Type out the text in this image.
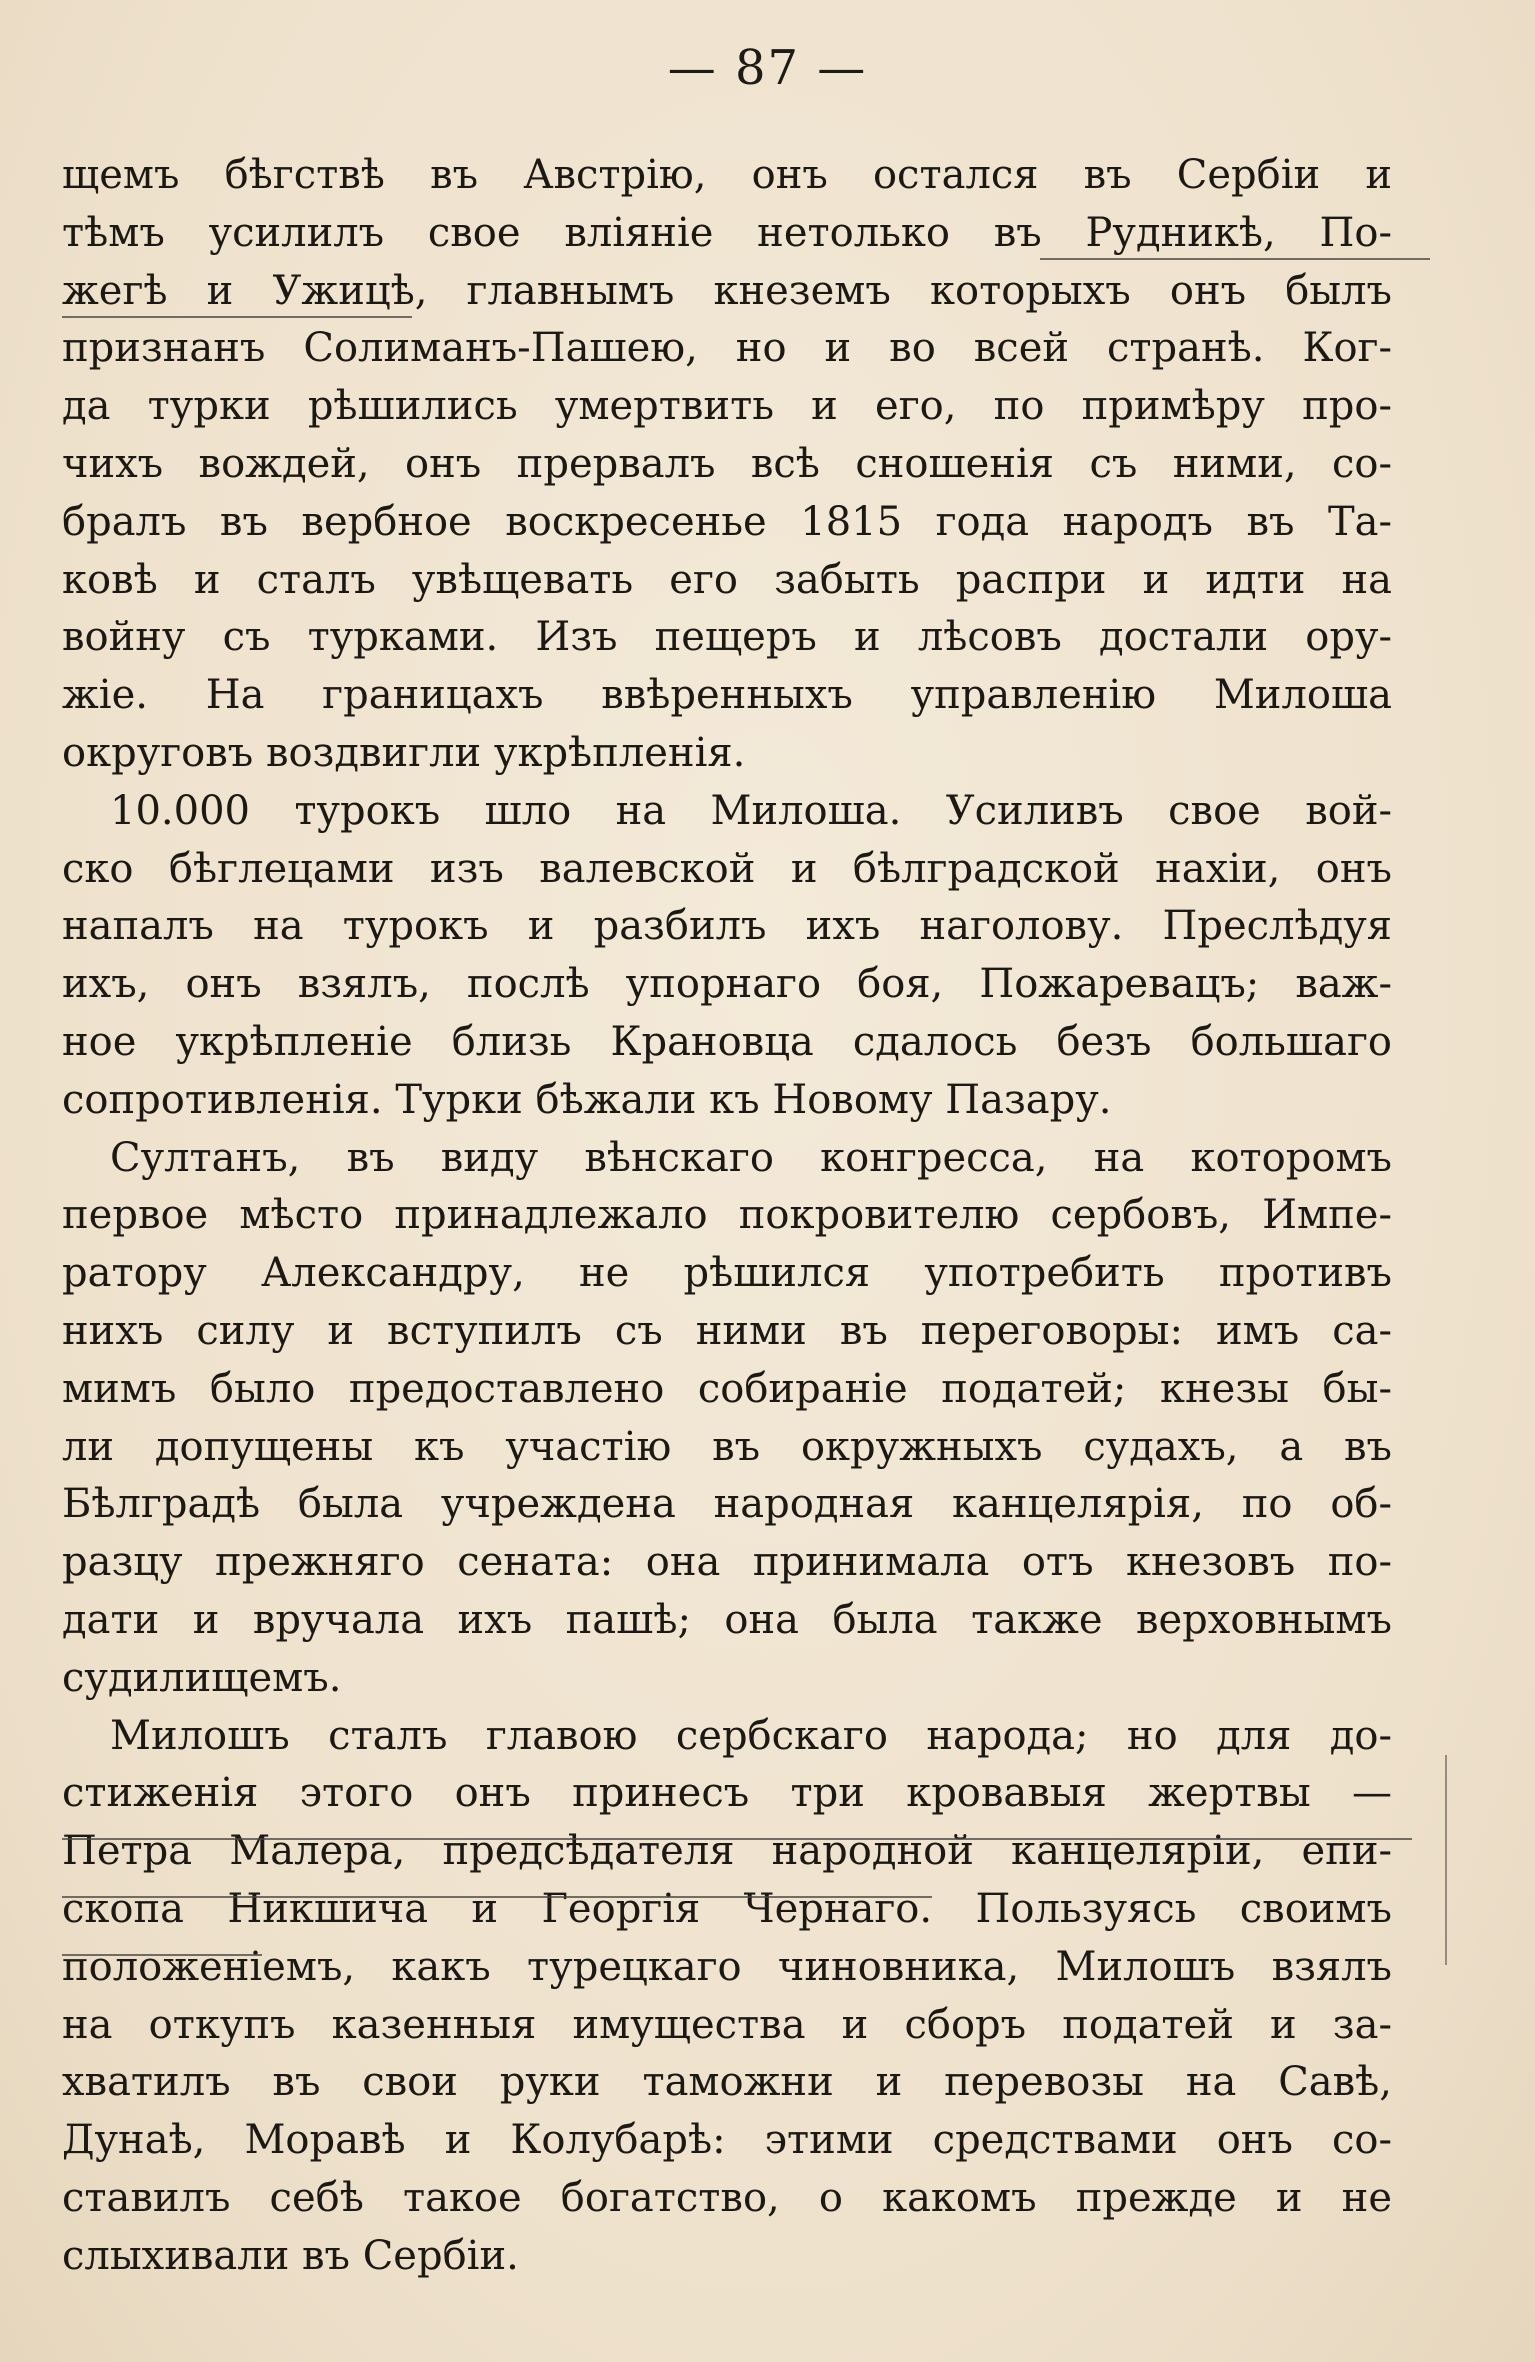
— 87 —
щемъ бѣгствѣ въ Австрію, онъ остался въ Сербіи и
тѣмъ усилилъ свое вліяніе нетолько въ Рудникѣ, По-
жегѣ и Ужицѣ, главнымъ кнеземъ которыхъ онъ былъ
признанъ Солиманъ-Пашею, но и во всей странѣ. Ког-
да турки рѣшились умертвить и его, по примѣру про-
чихъ вождей, онъ прервалъ всѣ сношенія съ ними, со-
бралъ въ вербное воскресенье 1815 года народъ въ Та-
ковѣ и сталъ увѣщевать его забыть распри и идти на
войну съ турками. Изъ пещеръ и лѣсовъ достали ору-
жіе. На границахъ ввѣренныхъ управленію Милоша
округовъ воздвигли укрѣпленія.
10.000 турокъ шло на Милоша. Усиливъ свое вой-
ско бѣглецами изъ валевской и бѣлградской нахіи, онъ
напалъ на турокъ и разбилъ ихъ наголову. Преслѣдуя
ихъ, онъ взялъ, послѣ упорнаго боя, Пожаревацъ; важ-
ное укрѣпленіе близь Крановца сдалось безъ большаго
сопротивленія. Турки бѣжали къ Новому Пазару.
Султанъ, въ виду вѣнскаго конгресса, на которомъ
первое мѣсто принадлежало покровителю сербовъ, Импе-
ратору Александру, не рѣшился употребить противъ
нихъ силу и вступилъ съ ними въ переговоры: имъ са-
мимъ было предоставлено собираніе податей; кнезы бы-
ли допущены къ участію въ окружныхъ судахъ, а въ
Бѣлградѣ была учреждена народная канцелярія, по об-
разцу прежняго сената: она принимала отъ кнезовъ по-
дати и вручала ихъ пашѣ; она была также верховнымъ
судилищемъ.
Милошъ сталъ главою сербскаго народа; но для до-
стиженія этого онъ принесъ три кровавыя жертвы —
Петра Малера, предсѣдателя народной канцеляріи, епи-
скопа Никшича и Георгія Чернаго. Пользуясь своимъ
положеніемъ, какъ турецкаго чиновника, Милошъ взялъ
на откупъ казенныя имущества и сборъ податей и за-
хватилъ въ свои руки таможни и перевозы на Савѣ,
Дунаѣ, Моравѣ и Колубарѣ: этими средствами онъ со-
ставилъ себѣ такое богатство, о какомъ прежде и не
слыхивали въ Сербіи.
